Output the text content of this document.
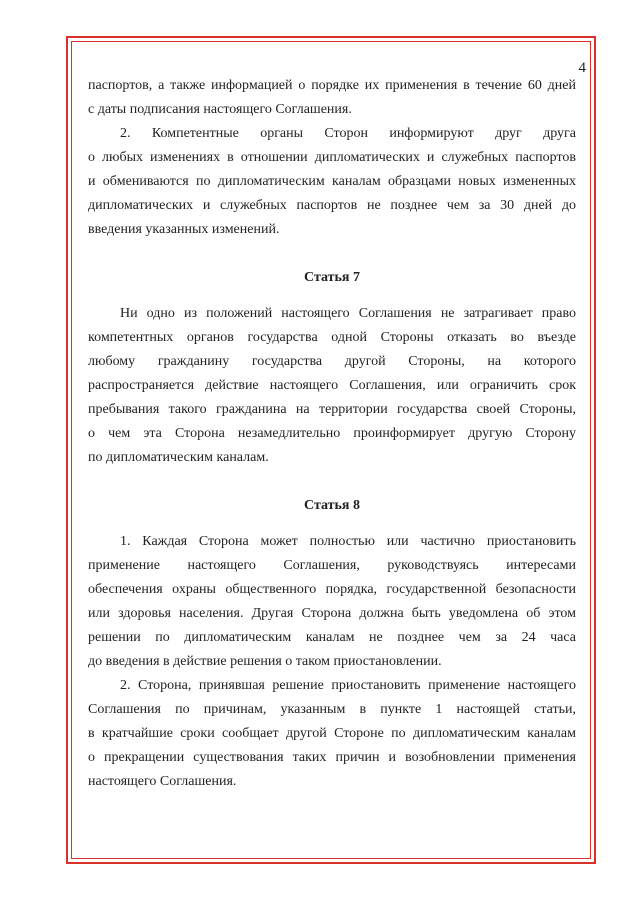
4
паспортов, а также информацией о порядке их применения в течение 60 дней
с даты подписания настоящего Соглашения.
2. Компетентные органы Сторон информируют друг друга
о любых изменениях в отношении дипломатических и служебных паспортов
и обмениваются по дипломатическим каналам образцами новых измененных
дипломатических и служебных паспортов не позднее чем за 30 дней до
введения указанных изменений.
Статья 7
Ни одно из положений настоящего Соглашения не затрагивает право
компетентных органов государства одной Стороны отказать во въезде
любому гражданину государства другой Стороны, на которого
распространяется действие настоящего Соглашения, или ограничить срок
пребывания такого гражданина на территории государства своей Стороны,
о чем эта Сторона незамедлительно проинформирует другую Сторону
по дипломатическим каналам.
Статья 8
1. Каждая Сторона может полностью или частично приостановить
применение настоящего Соглашения, руководствуясь интересами
обеспечения охраны общественного порядка, государственной безопасности
или здоровья населения. Другая Сторона должна быть уведомлена об этом
решении по дипломатическим каналам не позднее чем за 24 часа
до введения в действие решения о таком приостановлении.
2. Сторона, принявшая решение приостановить применение настоящего
Соглашения по причинам, указанным в пункте 1 настоящей статьи,
в кратчайшие сроки сообщает другой Стороне по дипломатическим каналам
о прекращении существования таких причин и возобновлении применения
настоящего Соглашения.
